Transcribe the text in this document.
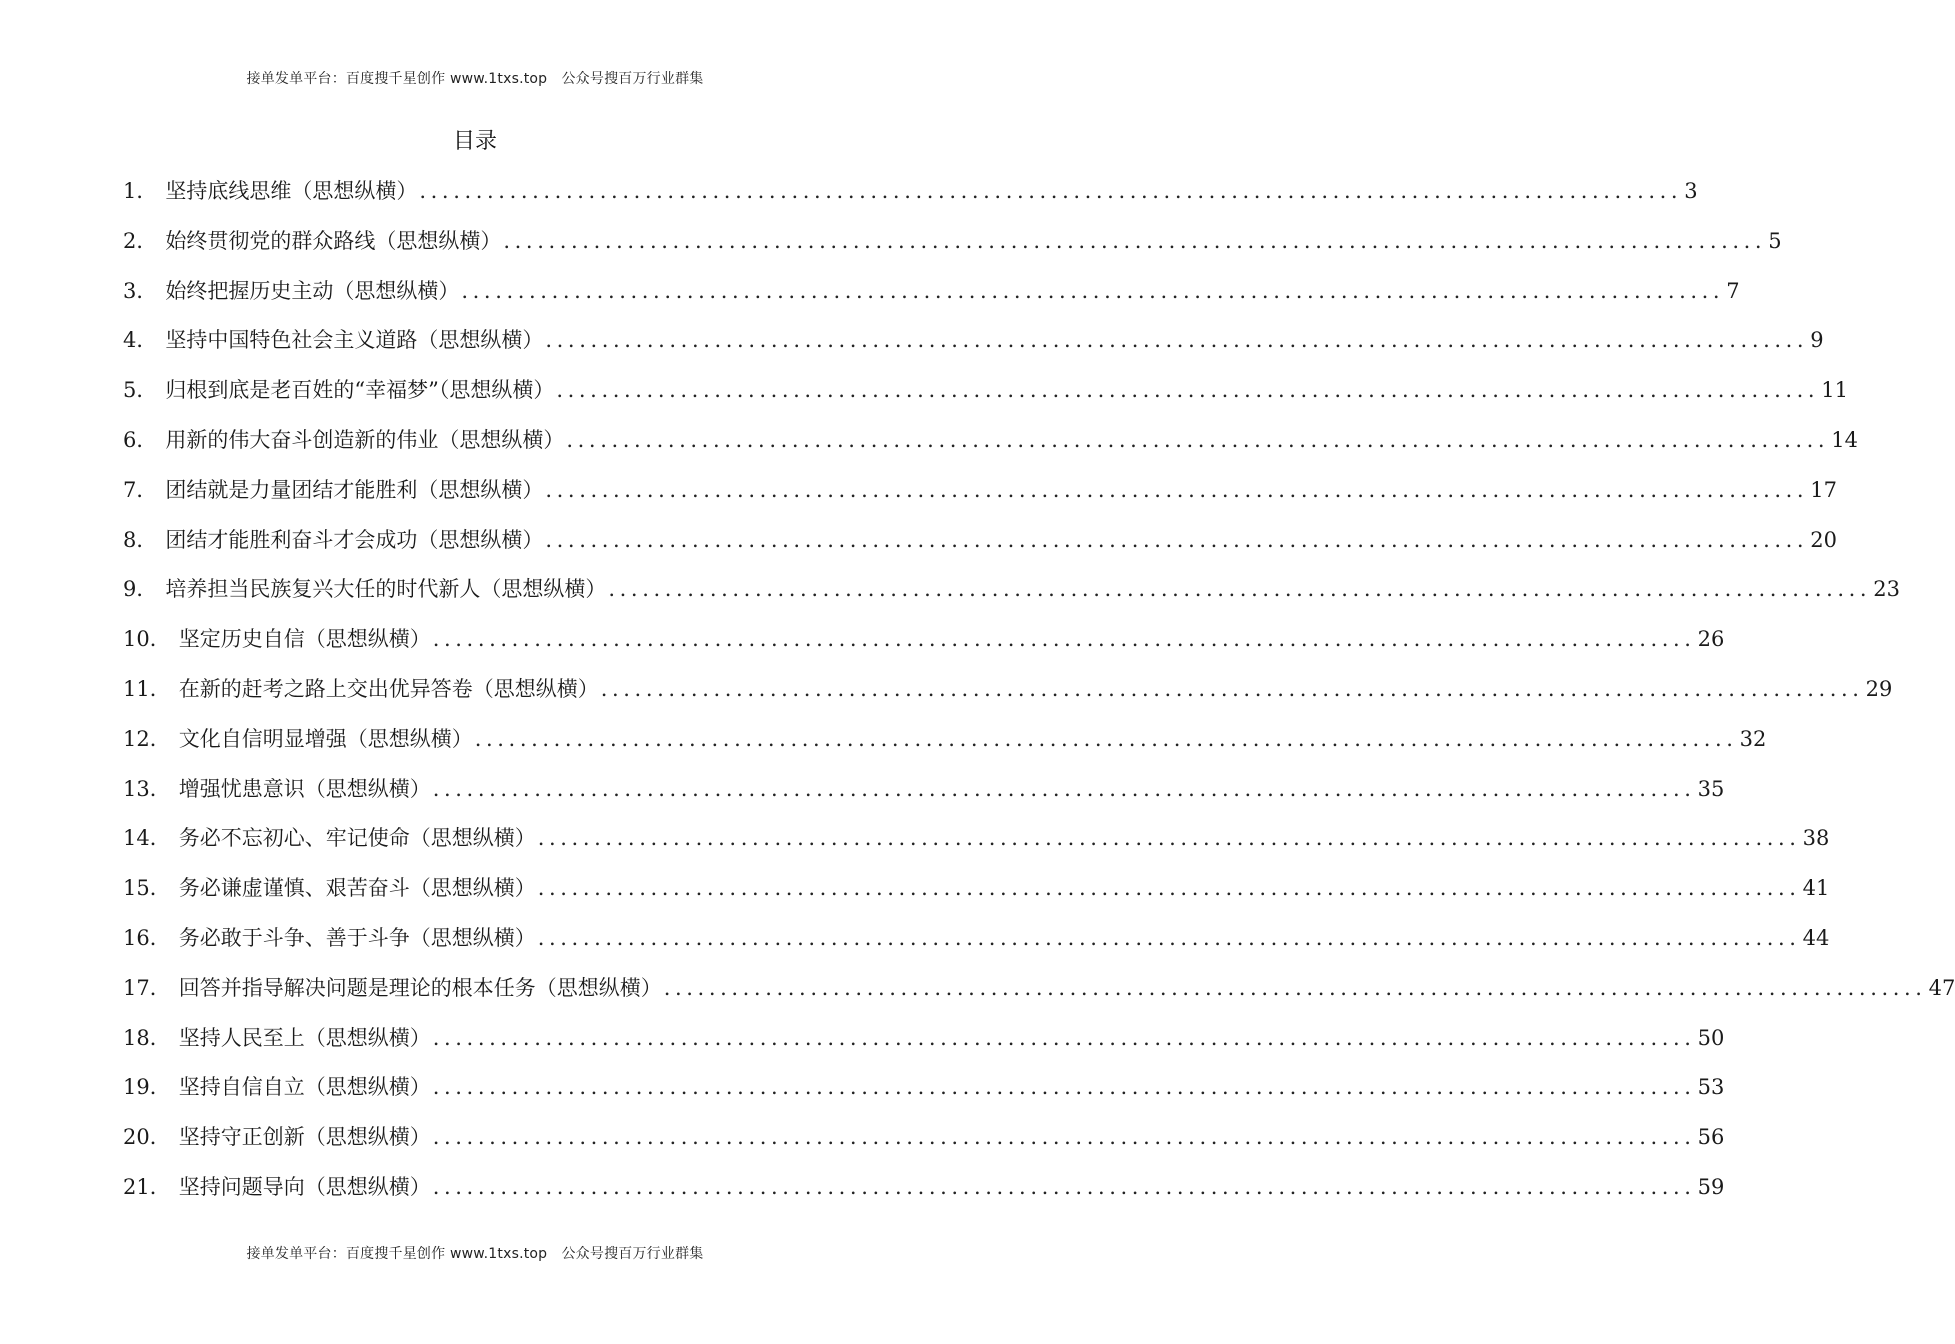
接单发单平台：百度搜千星创作 www.1txs.top　公众号搜百万行业群集
目录
1． 坚持底线思维（思想纵横） ................................................................................................................ 3
2． 始终贯彻党的群众路线（思想纵横） ................................................................................................................ 5
3． 始终把握历史主动（思想纵横） ................................................................................................................ 7
4． 坚持中国特色社会主义道路（思想纵横） ................................................................................................................ 9
5． 归根到底是老百姓的“幸福梦”（思想纵横） ................................................................................................................ 11
6． 用新的伟大奋斗创造新的伟业（思想纵横） ................................................................................................................ 14
7． 团结就是力量团结才能胜利（思想纵横） ................................................................................................................ 17
8． 团结才能胜利奋斗才会成功（思想纵横） ................................................................................................................ 20
9． 培养担当民族复兴大任的时代新人（思想纵横） ................................................................................................................ 23
10． 坚定历史自信（思想纵横） ................................................................................................................ 26
11． 在新的赶考之路上交出优异答卷（思想纵横） ................................................................................................................ 29
12． 文化自信明显增强（思想纵横） ................................................................................................................ 32
13． 增强忧患意识（思想纵横） ................................................................................................................ 35
14． 务必不忘初心、牢记使命（思想纵横） ................................................................................................................ 38
15． 务必谦虚谨慎、艰苦奋斗（思想纵横） ................................................................................................................ 41
16． 务必敢于斗争、善于斗争（思想纵横） ................................................................................................................ 44
17． 回答并指导解决问题是理论的根本任务（思想纵横） ................................................................................................................ 47
18． 坚持人民至上（思想纵横） ................................................................................................................ 50
19． 坚持自信自立（思想纵横） ................................................................................................................ 53
20． 坚持守正创新（思想纵横） ................................................................................................................ 56
21． 坚持问题导向（思想纵横） ................................................................................................................ 59
接单发单平台：百度搜千星创作 www.1txs.top　公众号搜百万行业群集
